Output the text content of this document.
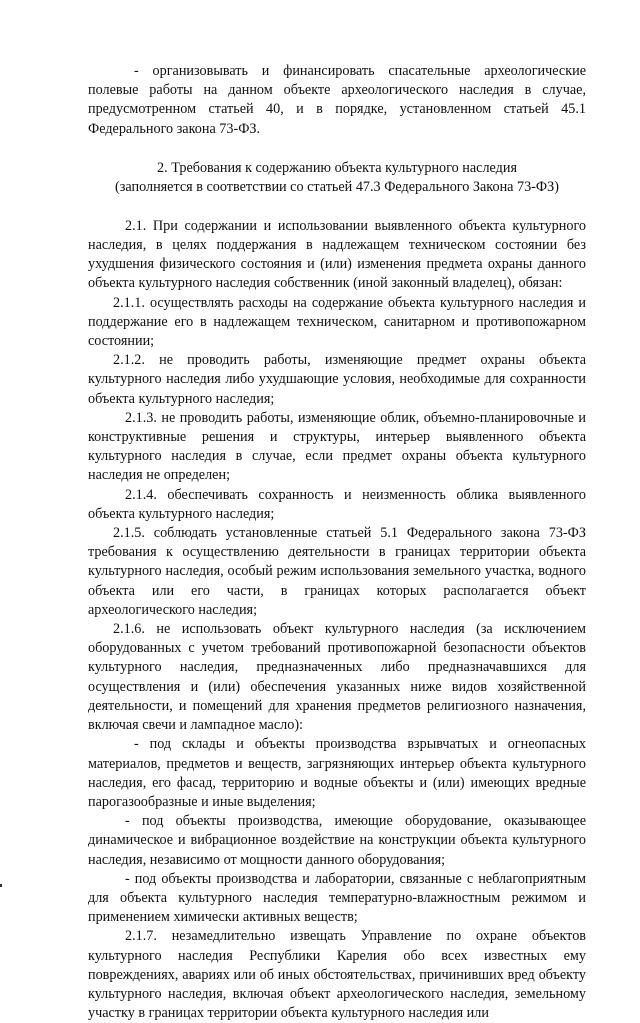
- организовывать и финансировать спасательные археологические полевые работы на данном объекте археологического наследия в случае, предусмотренном статьей 40, и в порядке, установленном статьей 45.1 Федерального закона 73-ФЗ.

2. Требования к содержанию объекта культурного наследия
(заполняется в соответствии со статьей 47.3 Федерального Закона 73-ФЗ)

2.1. При содержании и использовании выявленного объекта культурного наследия, в целях поддержания в надлежащем техническом состоянии без ухудшения физического состояния и (или) изменения предмета охраны данного объекта культурного наследия собственник (иной законный владелец), обязан:

2.1.1. осуществлять расходы на содержание объекта культурного наследия и поддержание его в надлежащем техническом, санитарном и противопожарном состоянии;

2.1.2. не проводить работы, изменяющие предмет охраны объекта культурного наследия либо ухудшающие условия, необходимые для сохранности объекта культурного наследия;

2.1.3. не проводить работы, изменяющие облик, объемно-планировочные и конструктивные решения и структуры, интерьер выявленного объекта культурного наследия в случае, если предмет охраны объекта культурного наследия не определен;

2.1.4. обеспечивать сохранность и неизменность облика выявленного объекта культурного наследия;

2.1.5. соблюдать установленные статьей 5.1 Федерального закона 73-ФЗ требования к осуществлению деятельности в границах территории объекта культурного наследия, особый режим использования земельного участка, водного объекта или его части, в границах которых располагается объект археологического наследия;

2.1.6. не использовать объект культурного наследия (за исключением оборудованных с учетом требований противопожарной безопасности объектов культурного наследия, предназначенных либо предназначавшихся для осуществления и (или) обеспечения указанных ниже видов хозяйственной деятельности, и помещений для хранения предметов религиозного назначения, включая свечи и лампадное масло):

- под склады и объекты производства взрывчатых и огнеопасных материалов, предметов и веществ, загрязняющих интерьер объекта культурного наследия, его фасад, территорию и водные объекты и (или) имеющих вредные парогазообразные и иные выделения;

- под объекты производства, имеющие оборудование, оказывающее динамическое и вибрационное воздействие на конструкции объекта культурного наследия, независимо от мощности данного оборудования;

- под объекты производства и лаборатории, связанные с неблагоприятным для объекта культурного наследия температурно-влажностным режимом и применением химически активных веществ;

2.1.7. незамедлительно извещать Управление по охране объектов культурного наследия Республики Карелия обо всех известных ему повреждениях, авариях или об иных обстоятельствах, причинивших вред объекту культурного наследия, включая объект археологического наследия, земельному участку в границах территории объекта культурного наследия или
